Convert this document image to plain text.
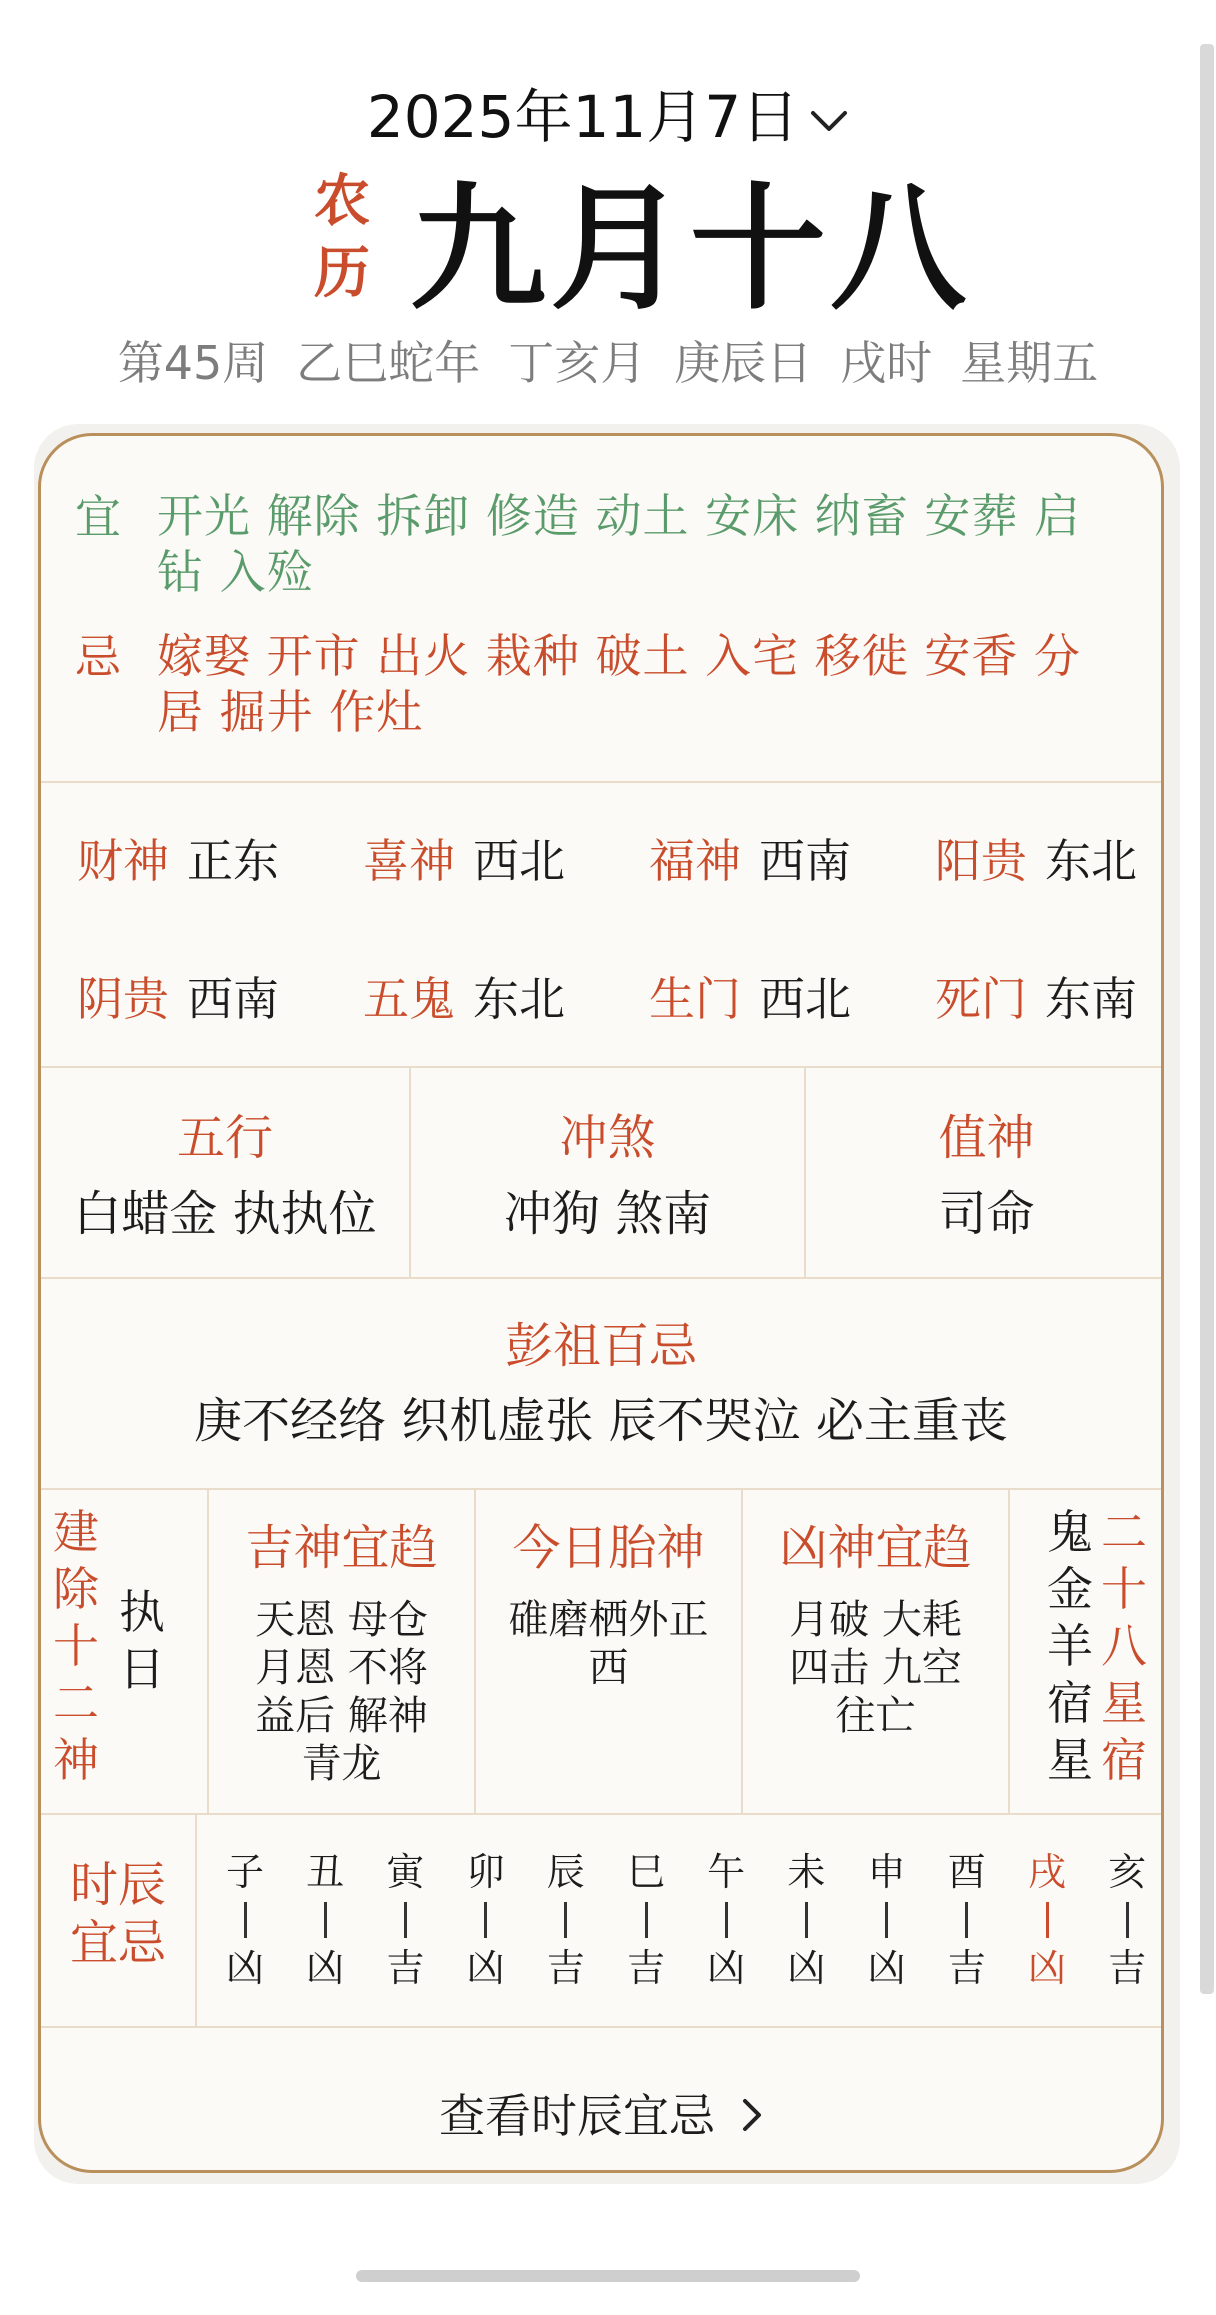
2025年11月7日
农
历 九月十八
第45周 乙巳蛇年 丁亥月 庚辰日 戌时 星期五
宜 开光 解除 拆卸 修造 动土 安床 纳畜 安葬 启
钻 入殓
忌 嫁娶 开市 出火 栽种 破土 入宅 移徙 安香 分
居 掘井 作灶
财神 正东 喜神 西北 福神 西南 阳贵 东北
阴贵 西南 五鬼 东北 生门 西北 死门 东南
五行
白蜡金 执执位
冲煞
冲狗 煞南
值神
司命
彭祖百忌
庚不经络 织机虚张 辰不哭泣 必主重丧
建
除
十
二
神
执
日
吉神宜趋
天恩 母仓
月恩 不将
益后 解神
青龙
今日胎神
碓磨栖外正
西
凶神宜趋
月破 大耗
四击 九空
往亡
鬼
金
羊
宿
星
二
十
八
星
宿
时辰
宜忌
子
凶
丑
凶
寅
吉
卯
凶
辰
吉
巳
吉
午
凶
未
凶
申
凶
酉
吉
戌
凶
亥
吉
查看时辰宜忌
